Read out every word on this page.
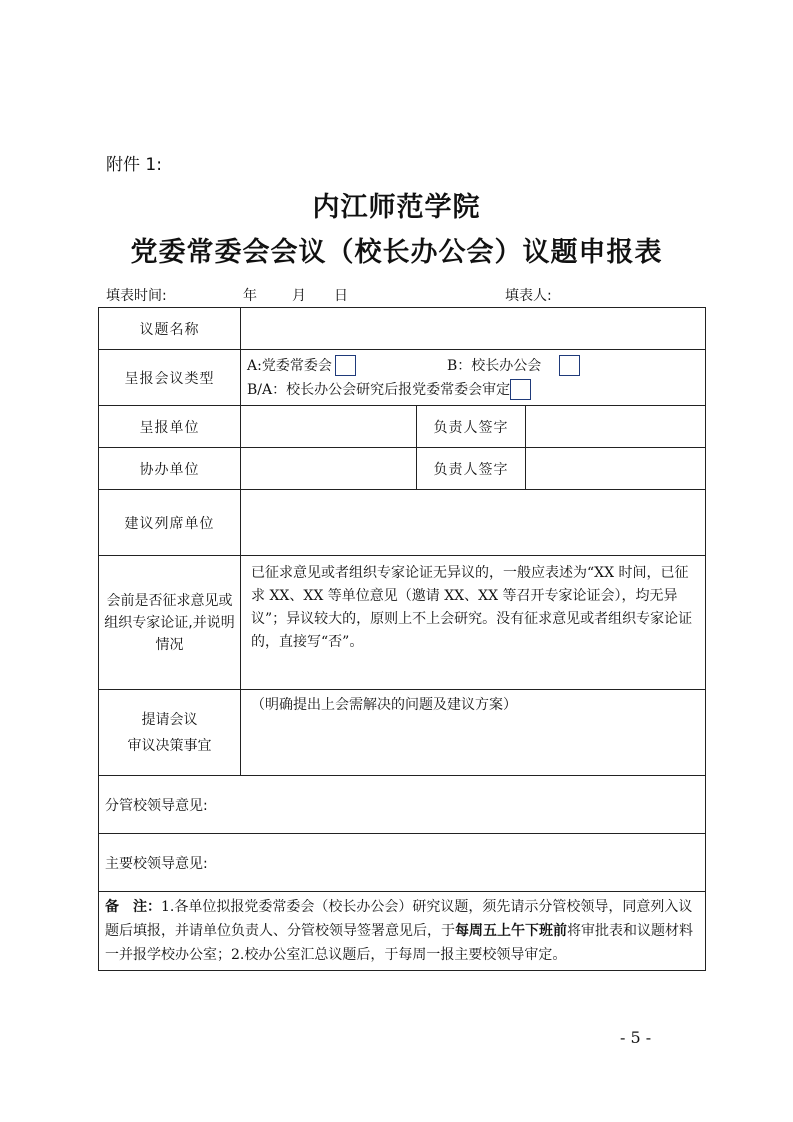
附件 1:
内江师范学院
党委常委会会议（校长办公会）议题申报表
填表时间:	年	月 日	填表人:
议题名称			
呈报会议类型	A:党委常委会 B：校长办公会
B/A：校长办公会研究后报党委常委会审定		

呈报单位		负责人签字	
协办单位		负责人签字	
建议列席单位			

会前是否征求意见或
组织专家论证,并说明
情况	已征求意见或者组织专家论证无异议的，一般应表述为“XX 时间，已征求 XX、XX 等单位意见（邀请 XX、XX 等召开专家论证会），均无异议”；异议较大的，原则上不上会研究。没有征求意见或者组织专家论证的，直接写“否”。		

提请会议
审议决策事宜	（明确提出上会需解决的问题及建议方案）		
分管校领导意见:			
主要校领导意见:			
备　注：1.各单位拟报党委常委会（校长办公会）研究议题，须先请示分管校领导，同意列入议题后填报，并请单位负责人、分管校领导签署意见后，于每周五上午下班前将审批表和议题材料一并报学校办公室；2.校办公室汇总议题后，于每周一报主要校领导审定。			
- 5 -
